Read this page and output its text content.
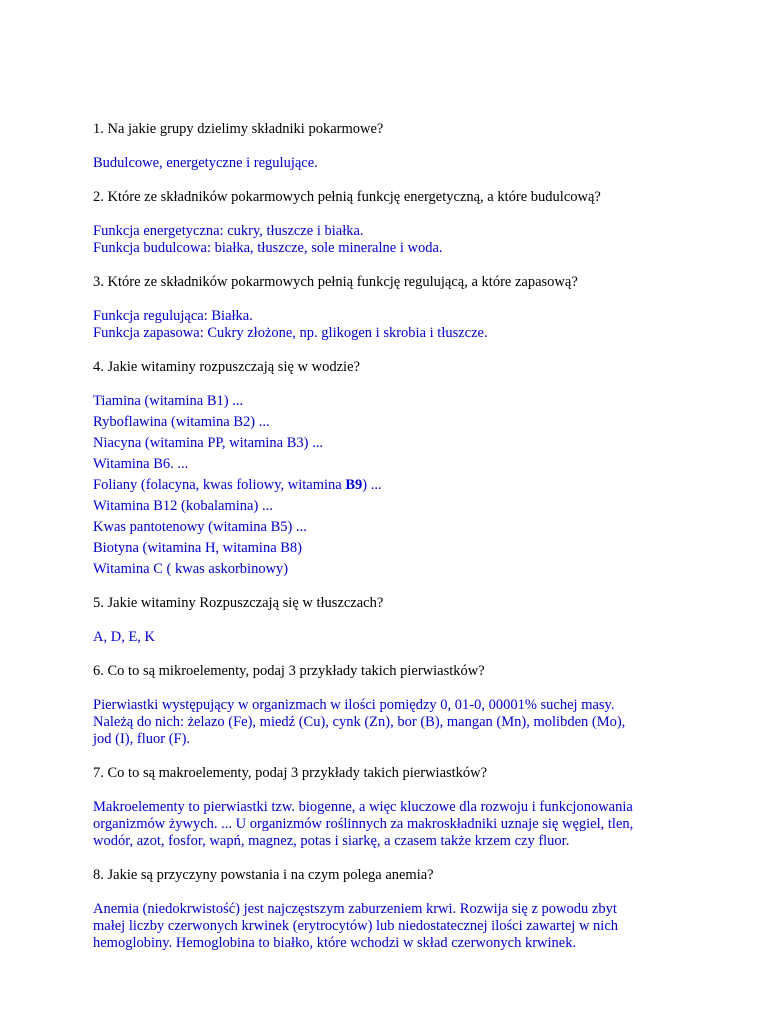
1. Na jakie grupy dzielimy składniki pokarmowe?
Budulcowe, energetyczne i regulujące.
2. Które ze składników pokarmowych pełnią funkcję energetyczną, a które budulcową?
Funkcja energetyczna: cukry, tłuszcze i białka.
Funkcja budulcowa: białka, tłuszcze, sole mineralne i woda.
3. Które ze składników pokarmowych pełnią funkcję regulującą, a które zapasową?
Funkcja regulująca: Białka.
Funkcja zapasowa: Cukry złożone, np. glikogen i skrobia i tłuszcze.
4. Jakie witaminy rozpuszczają się w wodzie?
Tiamina (witamina B1) ...
Ryboflawina (witamina B2) ...
Niacyna (witamina PP, witamina B3) ...
Witamina B6. ...
Foliany (folacyna, kwas foliowy, witamina B9) ...
Witamina B12 (kobalamina) ...
Kwas pantotenowy (witamina B5) ...
Biotyna (witamina H, witamina B8)
Witamina C ( kwas askorbinowy)
5. Jakie witaminy Rozpuszczają się w tłuszczach?
A, D, E, K
6. Co to są mikroelementy, podaj 3 przykłady takich pierwiastków?
Pierwiastki występujący w organizmach w ilości pomiędzy 0, 01-0, 00001% suchej masy.
Należą do nich: żelazo (Fe), miedź (Cu), cynk (Zn), bor (B), mangan (Mn), molibden (Mo),
jod (I), fluor (F).
7. Co to są makroelementy, podaj 3 przykłady takich pierwiastków?
Makroelementy to pierwiastki tzw. biogenne, a więc kluczowe dla rozwoju i funkcjonowania
organizmów żywych. ... U organizmów roślinnych za makroskładniki uznaje się węgiel, tlen,
wodór, azot, fosfor, wapń, magnez, potas i siarkę, a czasem także krzem czy fluor.
8. Jakie są przyczyny powstania i na czym polega anemia?
Anemia (niedokrwistość) jest najczęstszym zaburzeniem krwi. Rozwija się z powodu zbyt
małej liczby czerwonych krwinek (erytrocytów) lub niedostatecznej ilości zawartej w nich
hemoglobiny. Hemoglobina to białko, które wchodzi w skład czerwonych krwinek.
